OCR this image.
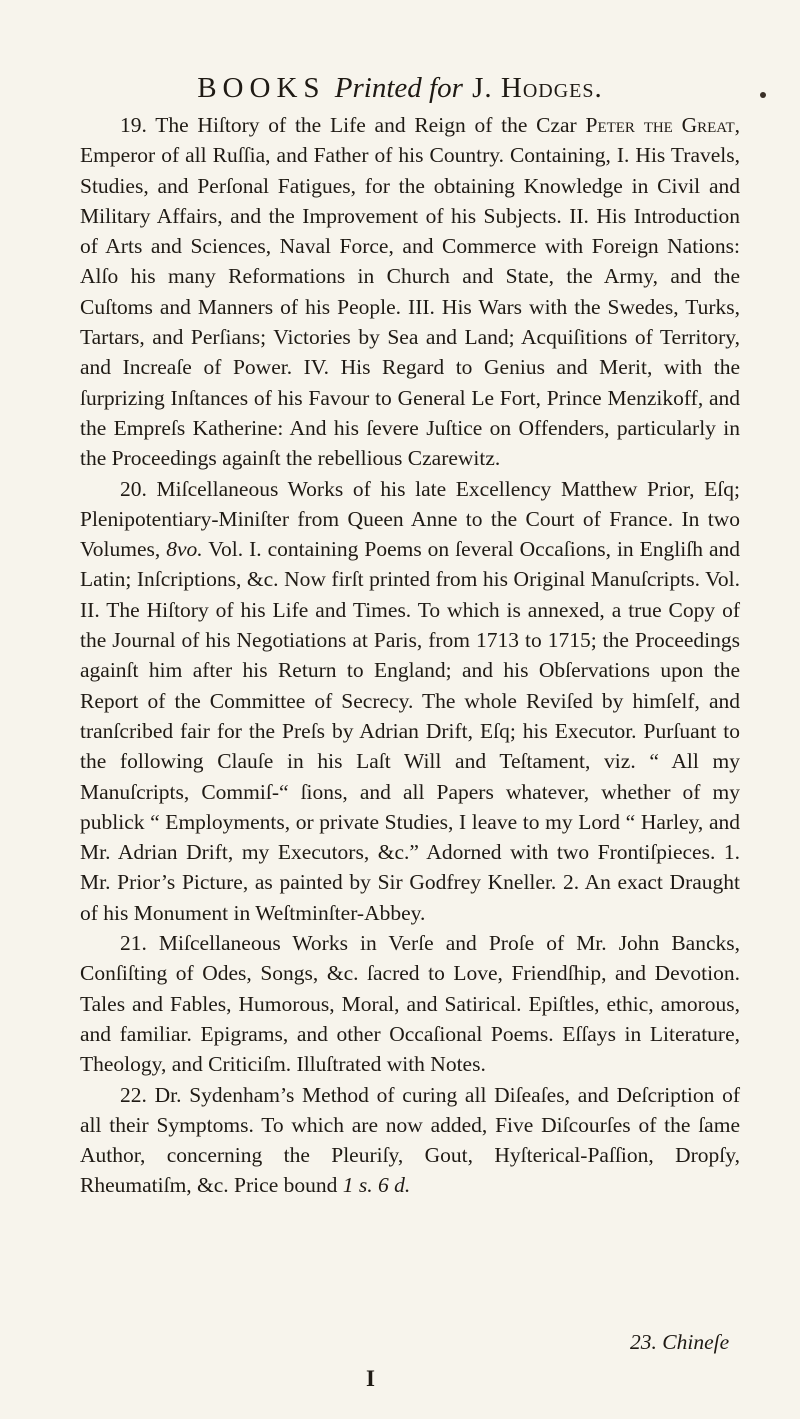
BOOKS Printed for J. Hodges.

19. The Hiſtory of the Life and Reign of the Czar Peter the Great, Emperor of all Ruſſia, and Father of his Country. Containing, I. His Travels, Studies, and Perſonal Fatigues, for the obtaining Knowledge in Civil and Military Affairs, and the Improvement of his Subjects. II. His Introduction of Arts and Sciences, Naval Force, and Commerce with Foreign Nations: Alſo his many Reformations in Church and State, the Army, and the Cuſtoms and Manners of his People. III. His Wars with the Swedes, Turks, Tartars, and Perſians; Victories by Sea and Land; Acquiſitions of Territory, and Increaſe of Power. IV. His Regard to Genius and Merit, with the ſurprizing Inſtances of his Favour to General Le Fort, Prince Menzikoff, and the Empreſs Katherine: And his ſevere Juſtice on Offenders, particularly in the Proceedings againſt the rebellious Czarewitz.

20. Miſcellaneous Works of his late Excellency Matthew Prior, Eſq; Plenipotentiary-Miniſter from Queen Anne to the Court of France. In two Volumes, 8vo. Vol. I. containing Poems on ſeveral Occaſions, in Engliſh and Latin; Inſcriptions, &c. Now firſt printed from his Original Manuſcripts. Vol. II. The Hiſtory of his Life and Times. To which is annexed, a true Copy of the Journal of his Negotiations at Paris, from 1713 to 1715; the Proceedings againſt him after his Return to England; and his Obſervations upon the Report of the Committee of Secrecy. The whole Reviſed by himſelf, and tranſcribed fair for the Preſs by Adrian Drift, Eſq; his Executor. Purſuant to the following Clauſe in his Laſt Will and Teſtament, viz. “ All my Manuſcripts, Commiſ-“ ſions, and all Papers whatever, whether of my publick “ Employments, or private Studies, I leave to my Lord “ Harley, and Mr. Adrian Drift, my Executors, &c.” Adorned with two Frontiſpieces. 1. Mr. Prior’s Picture, as painted by Sir Godfrey Kneller. 2. An exact Draught of his Monument in Weſtminſter-Abbey.

21. Miſcellaneous Works in Verſe and Proſe of Mr. John Bancks, Conſiſting of Odes, Songs, &c. ſacred to Love, Friendſhip, and Devotion. Tales and Fables, Humorous, Moral, and Satirical. Epiſtles, ethic, amorous, and familiar. Epigrams, and other Occaſional Poems. Eſſays in Literature, Theology, and Criticiſm. Illuſtrated with Notes.

22. Dr. Sydenham’s Method of curing all Diſeaſes, and Deſcription of all their Symptoms. To which are now added, Five Diſcourſes of the ſame Author, concerning the Pleuriſy, Gout, Hyſterical-Paſſion, Dropſy, Rheumatiſm, &c. Price bound 1 s. 6 d.

23. Chineſe
I
